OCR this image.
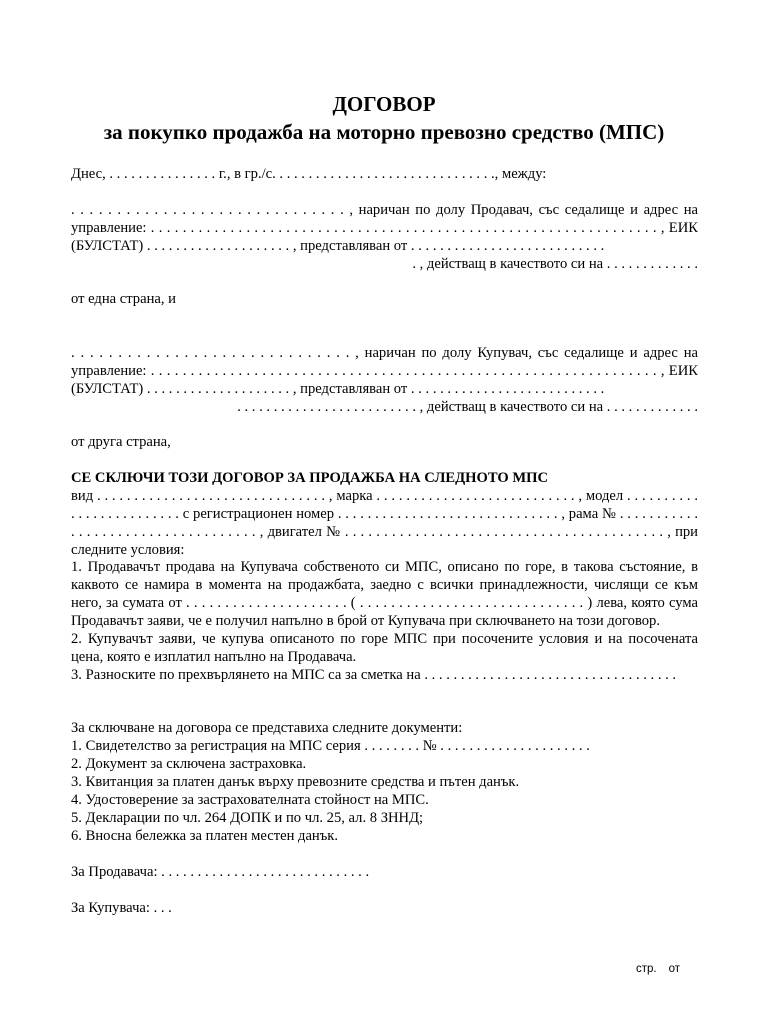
ДОГОВОР
за покупко продажба на моторно превозно средство (МПС)
Днес, . . . . . . . . . . . . . . . г., в гр./с. . . . . . . . . . . . . . . . . . . . . . . . . . . . . . ., между:
. . . . . . . . . . . . . . . . . . . . . . . . . . . . . . , наричан по долу Продавач, със седалище и адрес на
управление: . . . . . . . . . . . . . . . . . . . . . . . . . . . . . . . . . . . . . . . . . . . . . . . . . . . . . . . . . . . . . . . . , ЕИК
(БУЛСТАТ) . . . . . . . . . . . . . . . . . . . . , представляван от . . . . . . . . . . . . . . . . . . . . . . . . . . .
. , действащ в качеството си на . . . . . . . . . . . . .
от една страна, и
. . . . . . . . . . . . . . . . . . . . . . . . . . . . . . , наричан по долу Купувач, със седалище и адрес на
управление: . . . . . . . . . . . . . . . . . . . . . . . . . . . . . . . . . . . . . . . . . . . . . . . . . . . . . . . . . . . . . . . . , ЕИК
(БУЛСТАТ) . . . . . . . . . . . . . . . . . . . . , представляван от . . . . . . . . . . . . . . . . . . . . . . . . . . .
. . . . . . . . . . . . . . . . . . . . . . . . . , действащ в качеството си на . . . . . . . . . . . . .
от друга страна,
СЕ СКЛЮЧИ ТОЗИ ДОГОВОР ЗА ПРОДАЖБА НА СЛЕДНОТО МПС
вид . . . . . . . . . . . . . . . . . . . . . . . . . . . . . . . , марка . . . . . . . . . . . . . . . . . . . . . . . . . . . , модел . . . . . . . . . .
. . . . . . . . . . . . . . . с регистрационен номер . . . . . . . . . . . . . . . . . . . . . . . . . . . . . . , рама № . . . . . . . . . . .
. . . . . . . . . . . . . . . . . . . . . . . . , двигател № . . . . . . . . . . . . . . . . . . . . . . . . . . . . . . . . . . . . . . . . . , при
следните условия:
1. Продавачът продава на Купувача собственото си МПС, описано по горе, в такова състояние, в
каквото се намира в момента на продажбата, заедно с всички принадлежности, числящи се към
него, за сумата от . . . . . . . . . . . . . . . . . . . . . ( . . . . . . . . . . . . . . . . . . . . . . . . . . . . . ) лева, която сума
Продавачът заяви, че е получил напълно в брой от Купувача при сключването на този договор.
2. Купувачът заяви, че купува описаното по горе МПС при посочените условия и на посочената
цена, която е изплатил напълно на Продавача.
3. Разноските по прехвърлянето на МПС са за сметка на . . . . . . . . . . . . . . . . . . . . . . . . . . . . . . . . . . .
За сключване на договора се представиха следните документи:
1. Свидетелство за регистрация на МПС серия . . . . . . . . № . . . . . . . . . . . . . . . . . . . . .
2. Документ за сключена застраховка.
3. Квитанция за платен данък върху превозните средства и пътен данък.
4. Удостоверение за застрахователната стойност на МПС.
5. Декларации по чл. 264 ДОПК и по чл. 25, ал. 8 ЗННД;
6. Вносна бележка за платен местен данък.
За Продавача: . . . . . . . . . . . . . . . . . . . . . . . . . . . . .
За Купувача: . . .
стр. от
